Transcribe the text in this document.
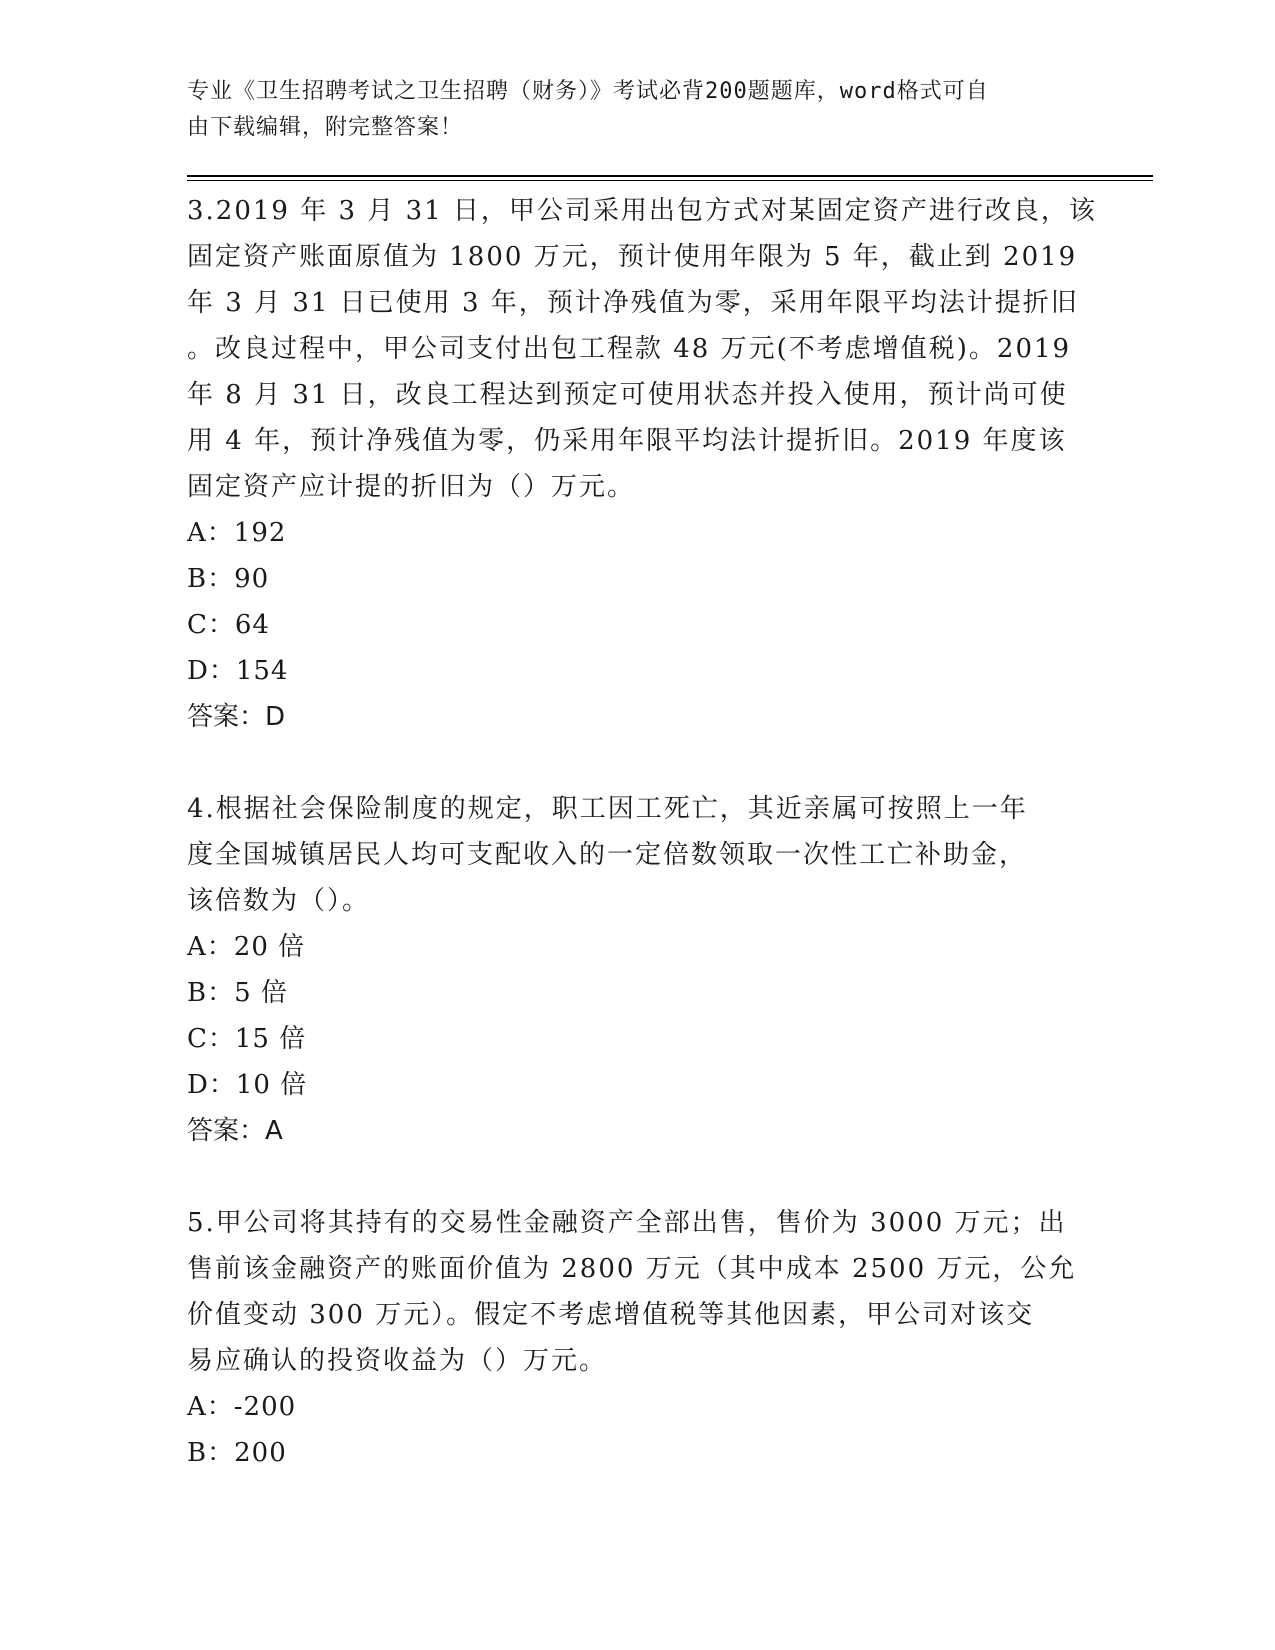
专业《卫生招聘考试之卫生招聘（财务）》考试必背200题题库，word格式可自
由下载编辑，附完整答案！
3.2019 年 3 月 31 日，甲公司采用出包方式对某固定资产进行改良，该
固定资产账面原值为 1800 万元，预计使用年限为 5 年，截止到 2019
年 3 月 31 日已使用 3 年，预计净残值为零，采用年限平均法计提折旧
。改良过程中，甲公司支付出包工程款 48 万元(不考虑增值税)。2019
年 8 月 31 日，改良工程达到预定可使用状态并投入使用，预计尚可使
用 4 年，预计净残值为零，仍采用年限平均法计提折旧。2019 年度该
固定资产应计提的折旧为（）万元。
A：192
B：90
C：64
D：154
答案：D
4.根据社会保险制度的规定，职工因工死亡，其近亲属可按照上一年
度全国城镇居民人均可支配收入的一定倍数领取一次性工亡补助金，
该倍数为（）。
A：20 倍
B：5 倍
C：15 倍
D：10 倍
答案：A
5.甲公司将其持有的交易性金融资产全部出售，售价为 3000 万元；出
售前该金融资产的账面价值为 2800 万元（其中成本 2500 万元，公允
价值变动 300 万元）。假定不考虑增值税等其他因素，甲公司对该交
易应确认的投资收益为（）万元。
A：-200
B：200
